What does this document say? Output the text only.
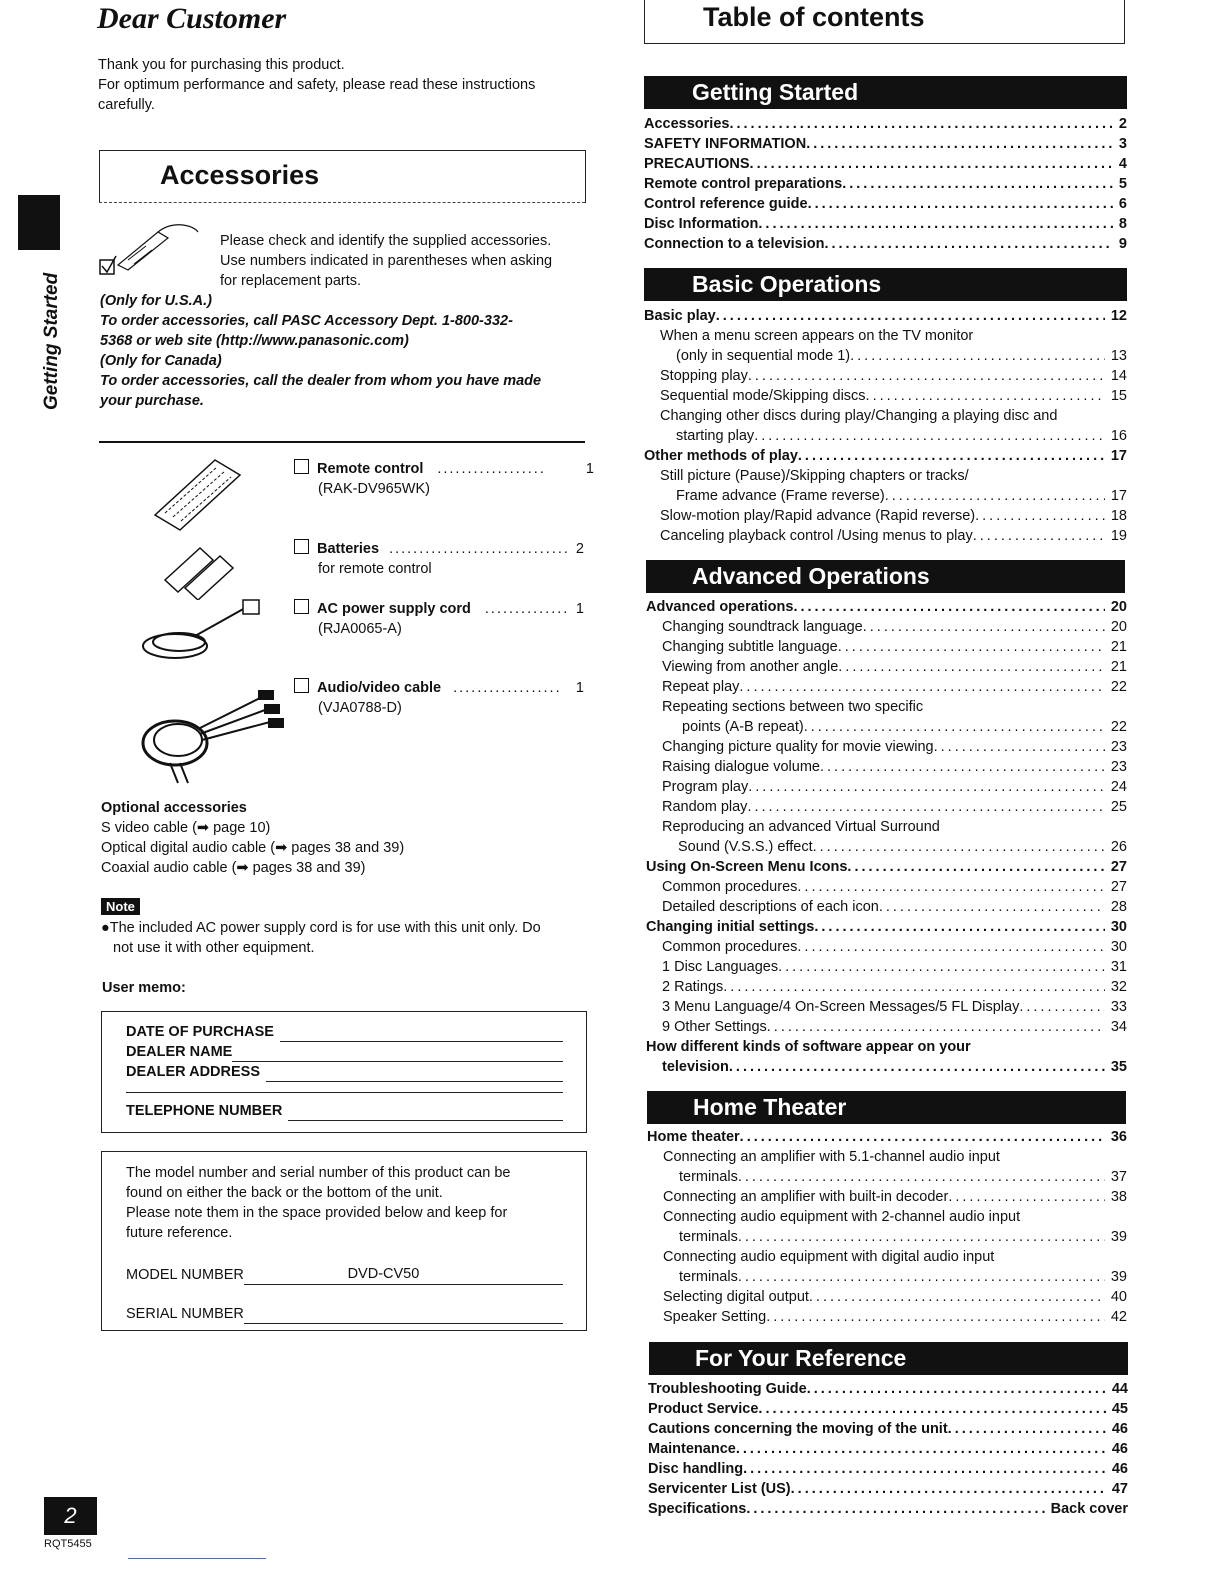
Dear Customer
Thank you for purchasing this product.
For optimum performance and safety, please read these instructions
carefully.
Getting Started
Accessories
Please check and identify the supplied accessories.
Use numbers indicated in parentheses when asking
for replacement parts.
(Only for U.S.A.)
To order accessories, call PASC Accessory Dept. 1-800-332-
5368 or web site (http://www.panasonic.com)
(Only for Canada)
To order accessories, call the dealer from whom you have made
your purchase.
Remote control ..................	1
(RAK-DV965WK)
Batteries .............................. 2
for remote control
AC power supply cord .............. 1
(RJA0065-A)
Audio/video cable .................. 1
(VJA0788-D)
Optional accessories
S video cable (➡ page 10)
Optical digital audio cable (➡ pages 38 and 39)
Coaxial audio cable (➡ pages 38 and 39)
Note
●The included AC power supply cord is for use with this unit only. Do
not use it with other equipment.
User memo:
DATE OF PURCHASE
DEALER NAME
DEALER ADDRESS
TELEPHONE NUMBER
The model number and serial number of this product can be
found on either the back or the bottom of the unit.
Please note them in the space provided below and keep for
future reference.
MODEL NUMBER	DVD-CV50
SERIAL NUMBER
2
RQT5455
Table of contents
Getting Started
Accessories .....	2
SAFETY INFORMATION .....	3
PRECAUTIONS .....	4
Remote control preparations .....	5
Control reference guide .....	6
Disc Information .....	8
Connection to a television .....	9
Basic Operations
Basic play .....	12
When a menu screen appears on the TV monitor
(only in sequential mode 1) .....	13
Stopping play .....	14
Sequential mode/Skipping discs .....	15
Changing other discs during play/Changing a playing disc and
starting play .....	16
Other methods of play .....	17
Still picture (Pause)/Skipping chapters or tracks/
Frame advance (Frame reverse) .....	17
Slow-motion play/Rapid advance (Rapid reverse) .....	18
Canceling playback control /Using menus to play .....	19
Advanced Operations
Advanced operations .....	20
Changing soundtrack language .....	20
Changing subtitle language .....	21
Viewing from another angle .....	21
Repeat play .....	22
Repeating sections between two specific
points (A-B repeat) .....	22
Changing picture quality for movie viewing .....	23
Raising dialogue volume .....	23
Program play .....	24
Random play .....	25
Reproducing an advanced Virtual Surround
Sound (V.S.S.) effect .....	26
Using On-Screen Menu Icons .....	27
Common procedures .....	27
Detailed descriptions of each icon .....	28
Changing initial settings .....	30
Common procedures .....	30
1 Disc Languages .....	31
2 Ratings .....	32
3 Menu Language/4 On-Screen Messages/5 FL Display .....	33
9 Other Settings .....	34
How different kinds of software appear on your
television .....	35
Home Theater
Home theater .....	36
Connecting an amplifier with 5.1-channel audio input
terminals .....	37
Connecting an amplifier with built-in decoder .....	38
Connecting audio equipment with 2-channel audio input
terminals .....	39
Connecting audio equipment with digital audio input
terminals .....	39
Selecting digital output .....	40
Speaker Setting .....	42
For Your Reference
Troubleshooting Guide .....	44
Product Service .....	45
Cautions concerning the moving of the unit .....	46
Maintenance .....	46
Disc handling .....	46
Servicenter List (US) .....	47
Specifications .....	Back cover
